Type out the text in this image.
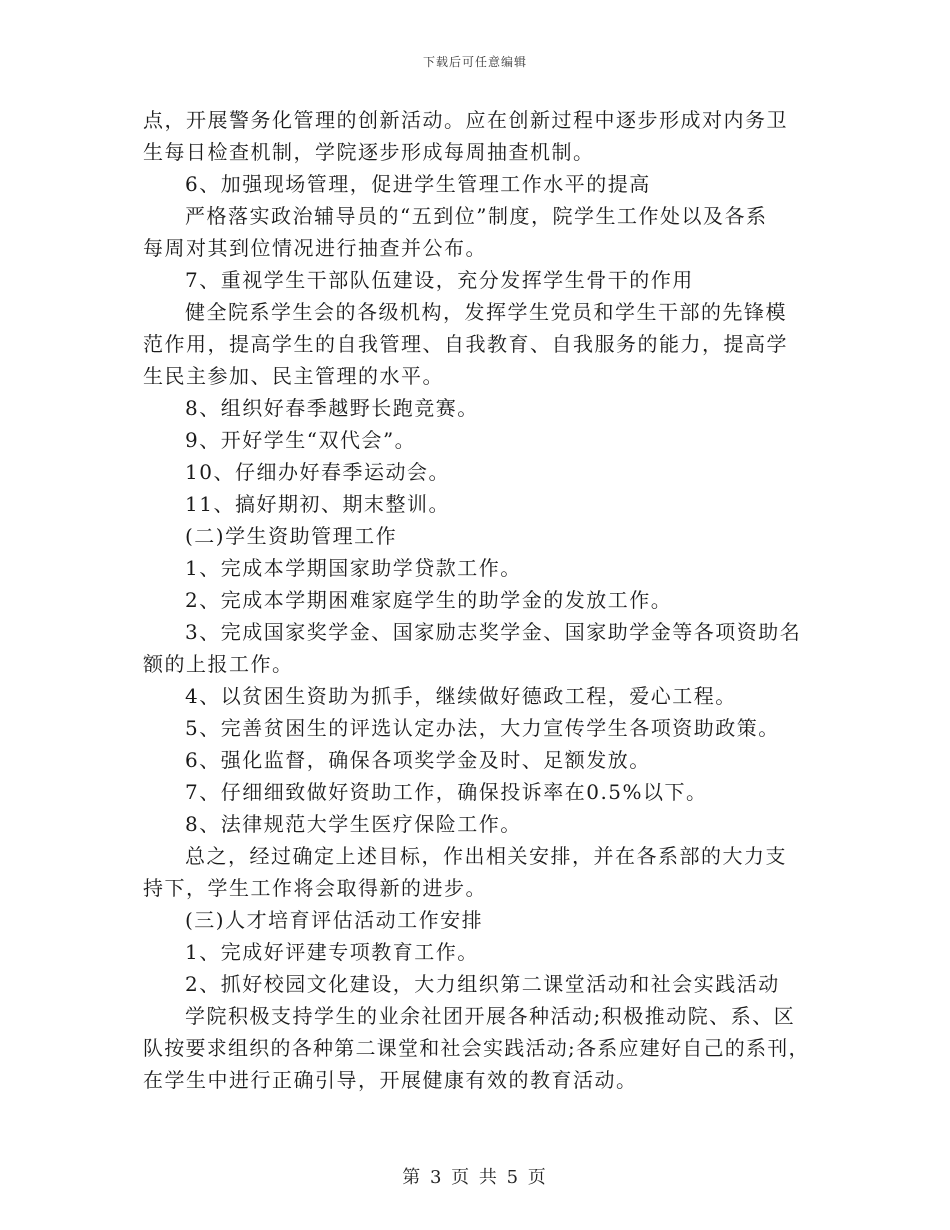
下载后可任意编辑
点，开展警务化管理的创新活动。应在创新过程中逐步形成对内务卫
生每日检查机制，学院逐步形成每周抽查机制。
6、加强现场管理，促进学生管理工作水平的提高
严格落实政治辅导员的“五到位”制度，院学生工作处以及各系
每周对其到位情况进行抽查并公布。
7、重视学生干部队伍建设，充分发挥学生骨干的作用
健全院系学生会的各级机构，发挥学生党员和学生干部的先锋模
范作用，提高学生的自我管理、自我教育、自我服务的能力，提高学
生民主参加、民主管理的水平。
8、组织好春季越野长跑竞赛。
9、开好学生“双代会”。
10、仔细办好春季运动会。
11、搞好期初、期末整训。
(二)学生资助管理工作
1、完成本学期国家助学贷款工作。
2、完成本学期困难家庭学生的助学金的发放工作。
3、完成国家奖学金、国家励志奖学金、国家助学金等各项资助名
额的上报工作。
4、以贫困生资助为抓手，继续做好德政工程，爱心工程。
5、完善贫困生的评选认定办法，大力宣传学生各项资助政策。
6、强化监督，确保各项奖学金及时、足额发放。
7、仔细细致做好资助工作，确保投诉率在0.5%以下。
8、法律规范大学生医疗保险工作。
总之，经过确定上述目标，作出相关安排，并在各系部的大力支
持下，学生工作将会取得新的进步。
(三)人才培育评估活动工作安排
1、完成好评建专项教育工作。
2、抓好校园文化建设，大力组织第二课堂活动和社会实践活动
学院积极支持学生的业余社团开展各种活动;积极推动院、系、区
队按要求组织的各种第二课堂和社会实践活动;各系应建好自己的系刊，
在学生中进行正确引导，开展健康有效的教育活动。
第 3 页 共 5 页
